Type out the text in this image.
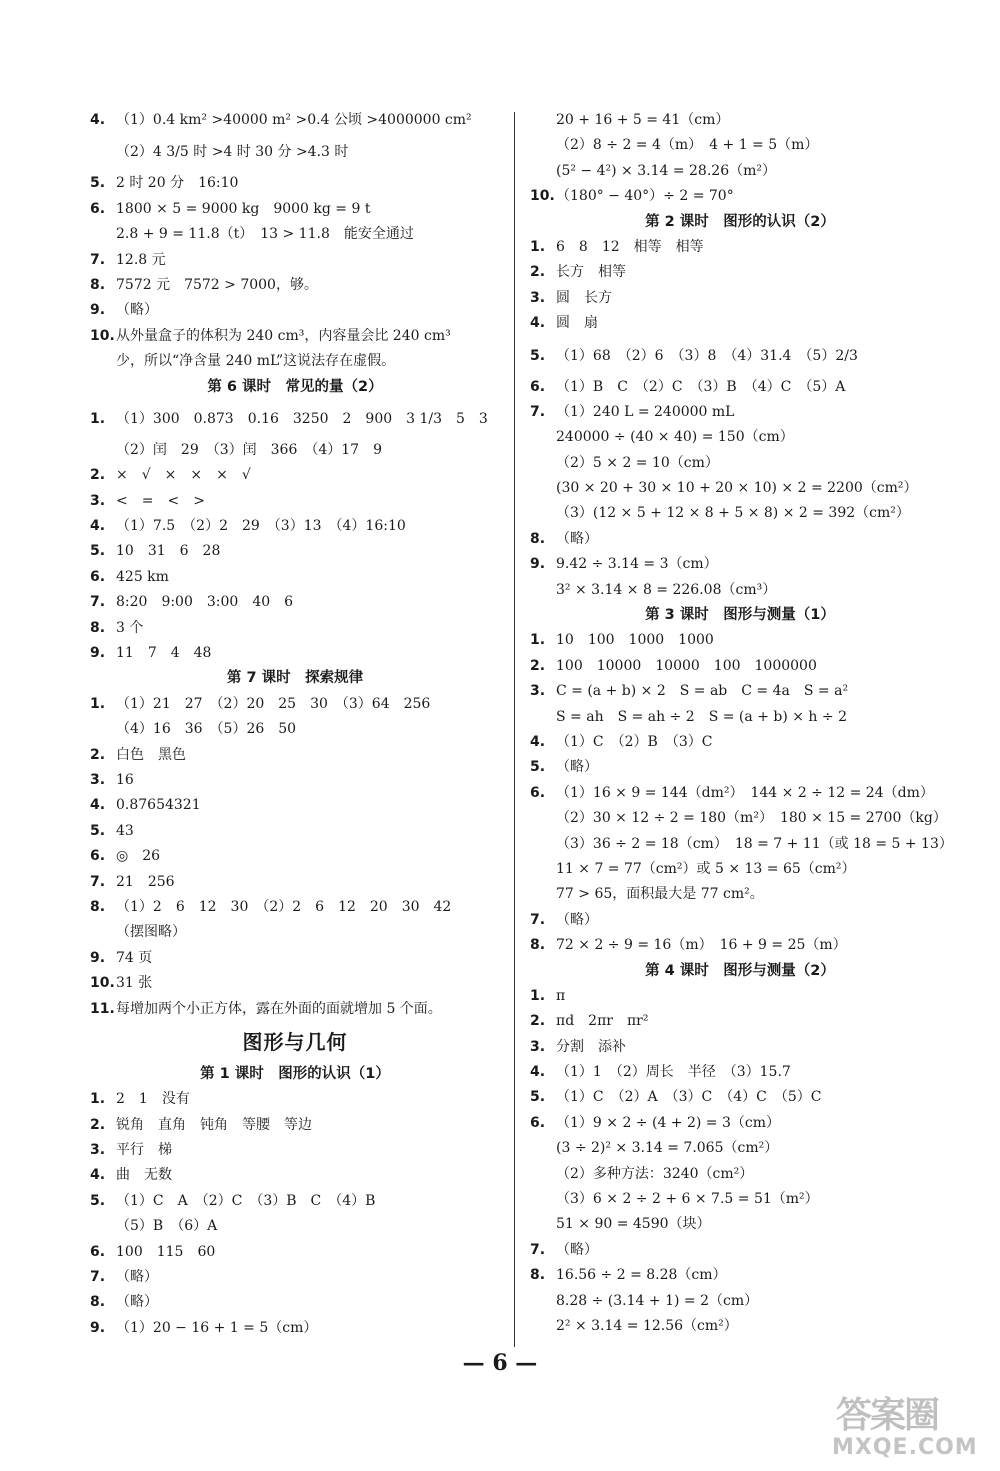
4. （1）0.4 km² >40000 m² >0.4 公顷 >4000000 cm²
（2）4 3/5 时 >4 时 30 分 >4.3 时
5. 2 时 20 分　16:10
6. 1800 × 5 = 9000 kg　9000 kg = 9 t
2.8 + 9 = 11.8（t）　13 > 11.8　能安全通过
7. 12.8 元
8. 7572 元　7572 > 7000，够。
9. （略）
10. 从外量盒子的体积为 240 cm³，内容量会比 240 cm³
少，所以“净含量 240 mL”这说法存在虚假。
第 6 课时　常见的量（2）
1. （1）300　0.873　0.16　3250　2　900　3 1/3　5　3
（2）闰　29　（3）闰　366　（4）17　9
2. ×　√　×　×　×　√
3. <　=　<　>
4. （1）7.5　（2）2　29　（3）13　（4）16:10
5. 10　31　6　28
6. 425 km
7. 8:20　9:00　3:00　40　6
8. 3 个
9. 11　7　4　48
第 7 课时　探索规律
1. （1）21　27　（2）20　25　30　（3）64　256
（4）16　36　（5）26　50
2. 白色　黑色
3. 16
4. 0.87654321
5. 43
6. ◎　26
7. 21　256
8. （1）2　6　12　30　（2）2　6　12　20　30　42
（摆图略）
9. 74 页
10. 31 张
11. 每增加两个小正方体，露在外面的面就增加 5 个面。
图形与几何
第 1 课时　图形的认识（1）
1. 2　1　没有
2. 锐角　直角　钝角　等腰　等边
3. 平行　梯
4. 曲　无数
5. （1）C　A　（2）C　（3）B　C　（4）B
（5）B　（6）A
6. 100　115　60
7. （略）
8. （略）
9. （1）20 − 16 + 1 = 5（cm）
20 + 16 + 5 = 41（cm）
（2）8 ÷ 2 = 4（m）　4 + 1 = 5（m）
(5² − 4²) × 3.14 = 28.26（m²）
10. （180° − 40°）÷ 2 = 70°
第 2 课时　图形的认识（2）
1. 6　8　12　相等　相等
2. 长方　相等
3. 圆　长方
4. 圆　扇
5. （1）68　（2）6　（3）8　（4）31.4　（5）2/3
6. （1）B　C　（2）C　（3）B　（4）C　（5）A
7. （1）240 L = 240000 mL
240000 ÷ (40 × 40) = 150（cm）
（2）5 × 2 = 10（cm）
(30 × 20 + 30 × 10 + 20 × 10) × 2 = 2200（cm²）
（3）(12 × 5 + 12 × 8 + 5 × 8) × 2 = 392（cm²）
8. （略）
9. 9.42 ÷ 3.14 = 3（cm）
3² × 3.14 × 8 = 226.08（cm³）
第 3 课时　图形与测量（1）
1. 10　100　1000　1000
2. 100　10000　10000　100　1000000
3. C = (a + b) × 2　S = ab　C = 4a　S = a²
S = ah　S = ah ÷ 2　S = (a + b) × h ÷ 2
4. （1）C　（2）B　（3）C
5. （略）
6. （1）16 × 9 = 144（dm²）　144 × 2 ÷ 12 = 24（dm）
（2）30 × 12 ÷ 2 = 180（m²）　180 × 15 = 2700（kg）
（3）36 ÷ 2 = 18（cm）　18 = 7 + 11（或 18 = 5 + 13）
11 × 7 = 77（cm²）或 5 × 13 = 65（cm²）
77 > 65，面积最大是 77 cm²。
7. （略）
8. 72 × 2 ÷ 9 = 16（m）　16 + 9 = 25（m）
第 4 课时　图形与测量（2）
1. π
2. πd　2πr　πr²
3. 分割　添补
4. （1）1　（2）周长　半径　（3）15.7
5. （1）C　（2）A　（3）C　（4）C　（5）C
6. （1）9 × 2 ÷ (4 + 2) = 3（cm）
(3 ÷ 2)² × 3.14 = 7.065（cm²）
（2）多种方法：3240（cm²）
（3）6 × 2 ÷ 2 + 6 × 7.5 = 51（m²）
51 × 90 = 4590（块）
7. （略）
8. 16.56 ÷ 2 = 8.28（cm）
8.28 ÷ (3.14 + 1) = 2（cm）
2² × 3.14 = 12.56（cm²）
— 6 —
答案圈
MXQE.COM
